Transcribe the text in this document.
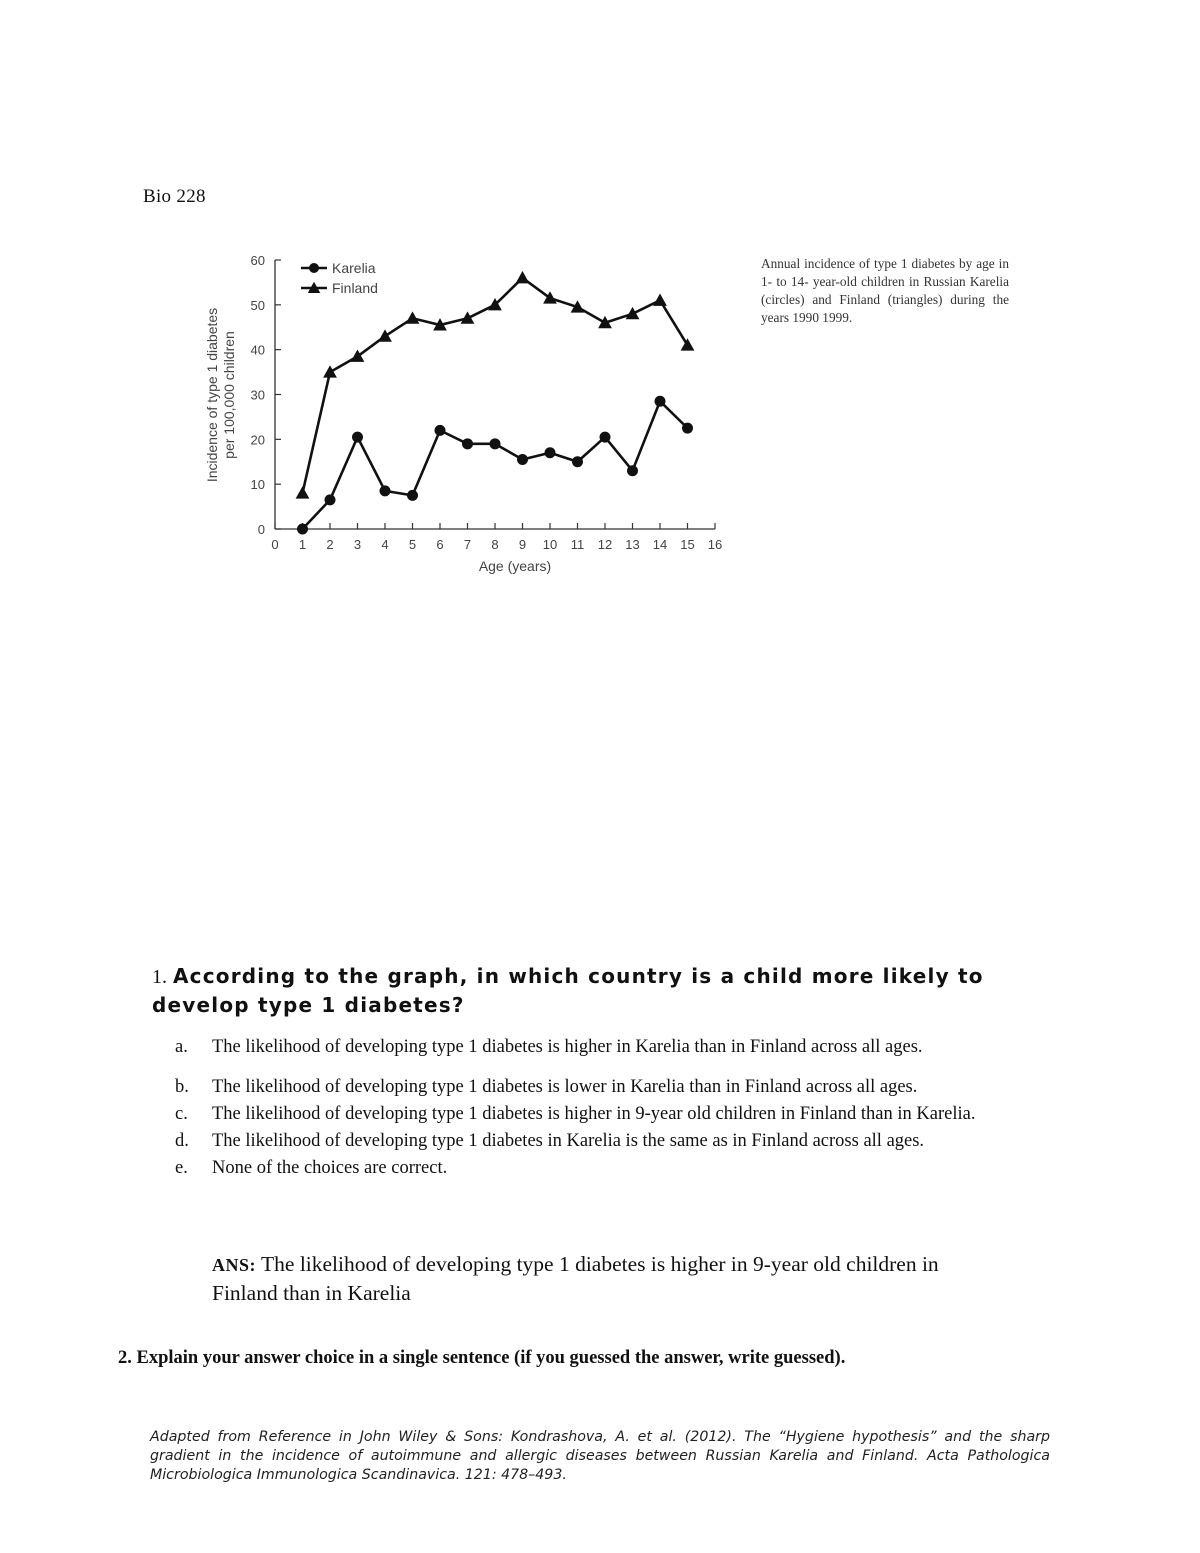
Bio 228
0 1 2 3 4 5 6 7 8 9 10 11 12 13 14 15 16
0
10
20
30
40
50
60	Karelia
Finland
Age (years)
Incidence of type 1 diabetes per 100,000 children
Annual incidence of type 1 diabetes by age in 1- to 14- year-old children in Russian Karelia (circles) and Finland (triangles) during the years 1990 1999.
1. According to the graph, in which country is a child more likely to develop type 1 diabetes?
a.	The likelihood of developing type 1 diabetes is higher in Karelia than in Finland across all ages.
b.	The likelihood of developing type 1 diabetes is lower in Karelia than in Finland across all ages.
c.	The likelihood of developing type 1 diabetes is higher in 9-year old children in Finland than in Karelia.
d.	The likelihood of developing type 1 diabetes in Karelia is the same as in Finland across all ages.
e.	None of the choices are correct.
ANS: The likelihood of developing type 1 diabetes is higher in 9-year old children in Finland than in Karelia
2. Explain your answer choice in a single sentence (if you guessed the answer, write guessed).
Adapted from Reference in John Wiley & Sons: Kondrashova, A. et al. (2012). The “Hygiene hypothesis” and the sharp gradient in the incidence of autoimmune and allergic diseases between Russian Karelia and Finland. Acta Pathologica Microbiologica Immunologica Scandinavica. 121: 478–493.
